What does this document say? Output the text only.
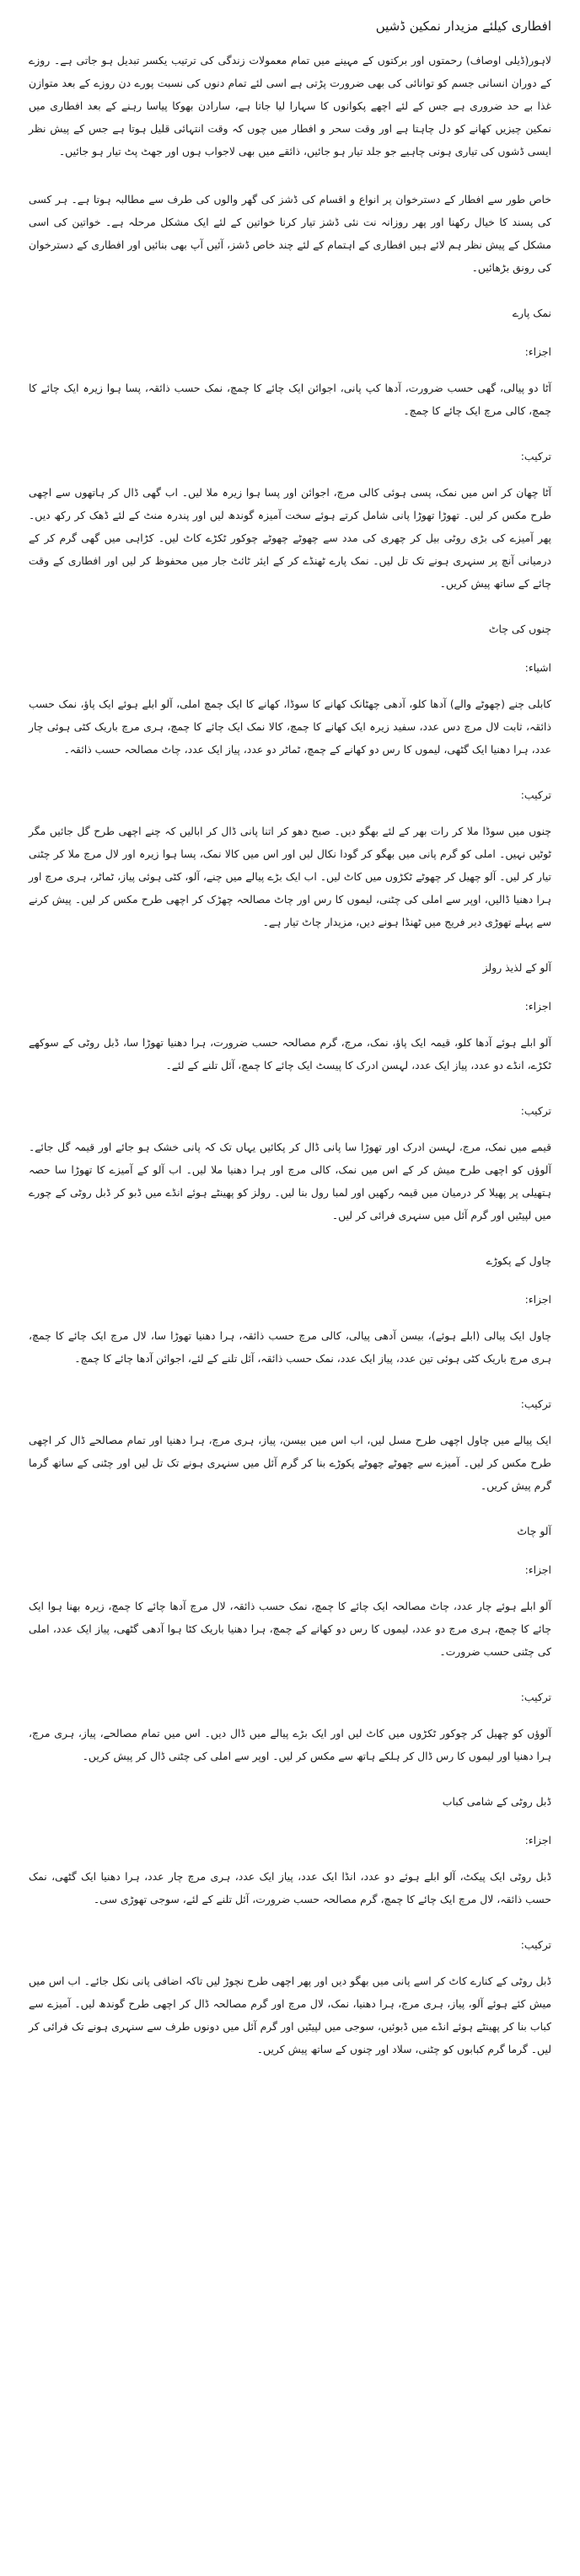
افطاری کیلئے مزیدار نمکین ڈشیں

لاہور(ڈیلی اوصاف) رحمتوں اور برکتوں کے مہینے میں تمام معمولات زندگی کی ترتیب یکسر تبدیل ہو جاتی ہے۔ روزے کے دوران انسانی جسم کو توانائی کی بھی ضرورت پڑتی ہے اسی لئے تمام دنوں کی نسبت پورے دن روزے کے بعد متوازن غذا بے حد ضروری ہے جس کے لئے اچھے پکوانوں کا سہارا لیا جاتا ہے، سارادن بھوکا پیاسا رہنے کے بعد افطاری میں نمکین چیزیں کھانے کو دل چاہتا ہے اور وقت سحر و افطار میں چوں کہ وقت انتہائی قلیل ہوتا ہے جس کے پیش نظر ایسی ڈشوں کی تیاری ہونی چاہیے جو جلد تیار ہو جائیں، ذائقے میں بھی لاجواب ہوں اور جھٹ پٹ تیار ہو جائیں۔

خاص طور سے افطار کے دسترخوان پر انواع و اقسام کی ڈشز کی گھر والوں کی طرف سے مطالبہ ہوتا ہے۔ ہر کسی کی پسند کا خیال رکھنا اور پھر روزانہ نت نئی ڈشز تیار کرنا خواتین کے لئے ایک مشکل مرحلہ ہے۔ خواتین کی اسی مشکل کے پیش نظر ہم لائے ہیں افطاری کے اہتمام کے لئے چند خاص ڈشز، آئیں آپ بھی بنائیں اور افطاری کے دسترخوان کی رونق بڑھائیں۔

نمک پارے
اجزاء:

آٹا دو پیالی، گھی حسب ضرورت، آدھا کپ پانی، اجوائن ایک چائے کا چمچ، نمک حسب ذائقہ، پسا ہوا زیرہ ایک چائے کا چمچ، کالی مرچ ایک چائے کا چمچ۔

ترکیب:

آٹا چھان کر اس میں نمک، پسی ہوئی کالی مرچ، اجوائن اور پسا ہوا زیرہ ملا لیں۔ اب گھی ڈال کر ہاتھوں سے اچھی طرح مکس کر لیں۔ تھوڑا تھوڑا پانی شامل کرتے ہوئے سخت آمیزہ گوندھ لیں اور پندرہ منٹ کے لئے ڈھک کر رکھ دیں۔ پھر آمیزے کی بڑی روٹی بیل کر چھری کی مدد سے چھوٹے چھوٹے چوکور ٹکڑے کاٹ لیں۔ کڑاہی میں گھی گرم کر کے درمیانی آنچ پر سنہری ہونے تک تل لیں۔ نمک پارے ٹھنڈے کر کے ایئر ٹائٹ جار میں محفوظ کر لیں اور افطاری کے وقت چائے کے ساتھ پیش کریں۔

چنوں کی چاٹ
اشیاء:

کابلی چنے (چھوٹے والے) آدھا کلو، آدھی چھٹانک کھانے کا سوڈا، کھانے کا ایک چمچ املی، آلو ابلے ہوئے ایک پاؤ، نمک حسب ذائقہ، ثابت لال مرچ دس عدد، سفید زیرہ ایک کھانے کا چمچ، کالا نمک ایک چائے کا چمچ، ہری مرچ باریک کٹی ہوئی چار عدد، ہرا دھنیا ایک گٹھی، لیموں کا رس دو کھانے کے چمچ، ٹماٹر دو عدد، پیاز ایک عدد، چاٹ مصالحہ حسب ذائقہ۔

ترکیب:

چنوں میں سوڈا ملا کر رات بھر کے لئے بھگو دیں۔ صبح دھو کر اتنا پانی ڈال کر ابالیں کہ چنے اچھی طرح گل جائیں مگر ٹوٹیں نہیں۔ املی کو گرم پانی میں بھگو کر گودا نکال لیں اور اس میں کالا نمک، پسا ہوا زیرہ اور لال مرچ ملا کر چٹنی تیار کر لیں۔ آلو چھیل کر چھوٹے ٹکڑوں میں کاٹ لیں۔ اب ایک بڑے پیالے میں چنے، آلو، کٹی ہوئی پیاز، ٹماٹر، ہری مرچ اور ہرا دھنیا ڈالیں، اوپر سے املی کی چٹنی، لیموں کا رس اور چاٹ مصالحہ چھڑک کر اچھی طرح مکس کر لیں۔ پیش کرنے سے پہلے تھوڑی دیر فریج میں ٹھنڈا ہونے دیں، مزیدار چاٹ تیار ہے۔

آلو کے لذیذ رولز
اجزاء:

آلو ابلے ہوئے آدھا کلو، قیمہ ایک پاؤ، نمک، مرچ، گرم مصالحہ حسب ضرورت، ہرا دھنیا تھوڑا سا، ڈبل روٹی کے سوکھے ٹکڑے، انڈے دو عدد، پیاز ایک عدد، لہسن ادرک کا پیسٹ ایک چائے کا چمچ، آئل تلنے کے لئے۔

ترکیب:

قیمے میں نمک، مرچ، لہسن ادرک اور تھوڑا سا پانی ڈال کر پکائیں یہاں تک کہ پانی خشک ہو جائے اور قیمہ گل جائے۔ آلوؤں کو اچھی طرح میش کر کے اس میں نمک، کالی مرچ اور ہرا دھنیا ملا لیں۔ اب آلو کے آمیزے کا تھوڑا سا حصہ ہتھیلی پر پھیلا کر درمیان میں قیمہ رکھیں اور لمبا رول بنا لیں۔ رولز کو پھینٹے ہوئے انڈے میں ڈبو کر ڈبل روٹی کے چورے میں لپیٹیں اور گرم آئل میں سنہری فرائی کر لیں۔

چاول کے پکوڑے
اجزاء:

چاول ایک پیالی (ابلے ہوئے)، بیسن آدھی پیالی، کالی مرچ حسب ذائقہ، ہرا دھنیا تھوڑا سا، لال مرچ ایک چائے کا چمچ، ہری مرچ باریک کٹی ہوئی تین عدد، پیاز ایک عدد، نمک حسب ذائقہ، آئل تلنے کے لئے، اجوائن آدھا چائے کا چمچ۔

ترکیب:

ایک پیالے میں چاول اچھی طرح مسل لیں، اب اس میں بیسن، پیاز، ہری مرچ، ہرا دھنیا اور تمام مصالحے ڈال کر اچھی طرح مکس کر لیں۔ آمیزے سے چھوٹے چھوٹے پکوڑے بنا کر گرم آئل میں سنہری ہونے تک تل لیں اور چٹنی کے ساتھ گرما گرم پیش کریں۔

آلو چاٹ
اجزاء:

آلو ابلے ہوئے چار عدد، چاٹ مصالحہ ایک چائے کا چمچ، نمک حسب ذائقہ، لال مرچ آدھا چائے کا چمچ، زیرہ بھنا ہوا ایک چائے کا چمچ، ہری مرچ دو عدد، لیموں کا رس دو کھانے کے چمچ، ہرا دھنیا باریک کٹا ہوا آدھی گٹھی، پیاز ایک عدد، املی کی چٹنی حسب ضرورت۔

ترکیب:

آلوؤں کو چھیل کر چوکور ٹکڑوں میں کاٹ لیں اور ایک بڑے پیالے میں ڈال دیں۔ اس میں تمام مصالحے، پیاز، ہری مرچ، ہرا دھنیا اور لیموں کا رس ڈال کر ہلکے ہاتھ سے مکس کر لیں۔ اوپر سے املی کی چٹنی ڈال کر پیش کریں۔

ڈبل روٹی کے شامی کباب
اجزاء:

ڈبل روٹی ایک پیکٹ، آلو ابلے ہوئے دو عدد، انڈا ایک عدد، پیاز ایک عدد، ہری مرچ چار عدد، ہرا دھنیا ایک گٹھی، نمک حسب ذائقہ، لال مرچ ایک چائے کا چمچ، گرم مصالحہ حسب ضرورت، آئل تلنے کے لئے، سوجی تھوڑی سی۔

ترکیب:

ڈبل روٹی کے کنارے کاٹ کر اسے پانی میں بھگو دیں اور پھر اچھی طرح نچوڑ لیں تاکہ اضافی پانی نکل جائے۔ اب اس میں میش کئے ہوئے آلو، پیاز، ہری مرچ، ہرا دھنیا، نمک، لال مرچ اور گرم مصالحہ ڈال کر اچھی طرح گوندھ لیں۔ آمیزے سے کباب بنا کر پھینٹے ہوئے انڈے میں ڈبوئیں، سوجی میں لپیٹیں اور گرم آئل میں دونوں طرف سے سنہری ہونے تک فرائی کر لیں۔ گرما گرم کبابوں کو چٹنی، سلاد اور چنوں کے ساتھ پیش کریں۔
